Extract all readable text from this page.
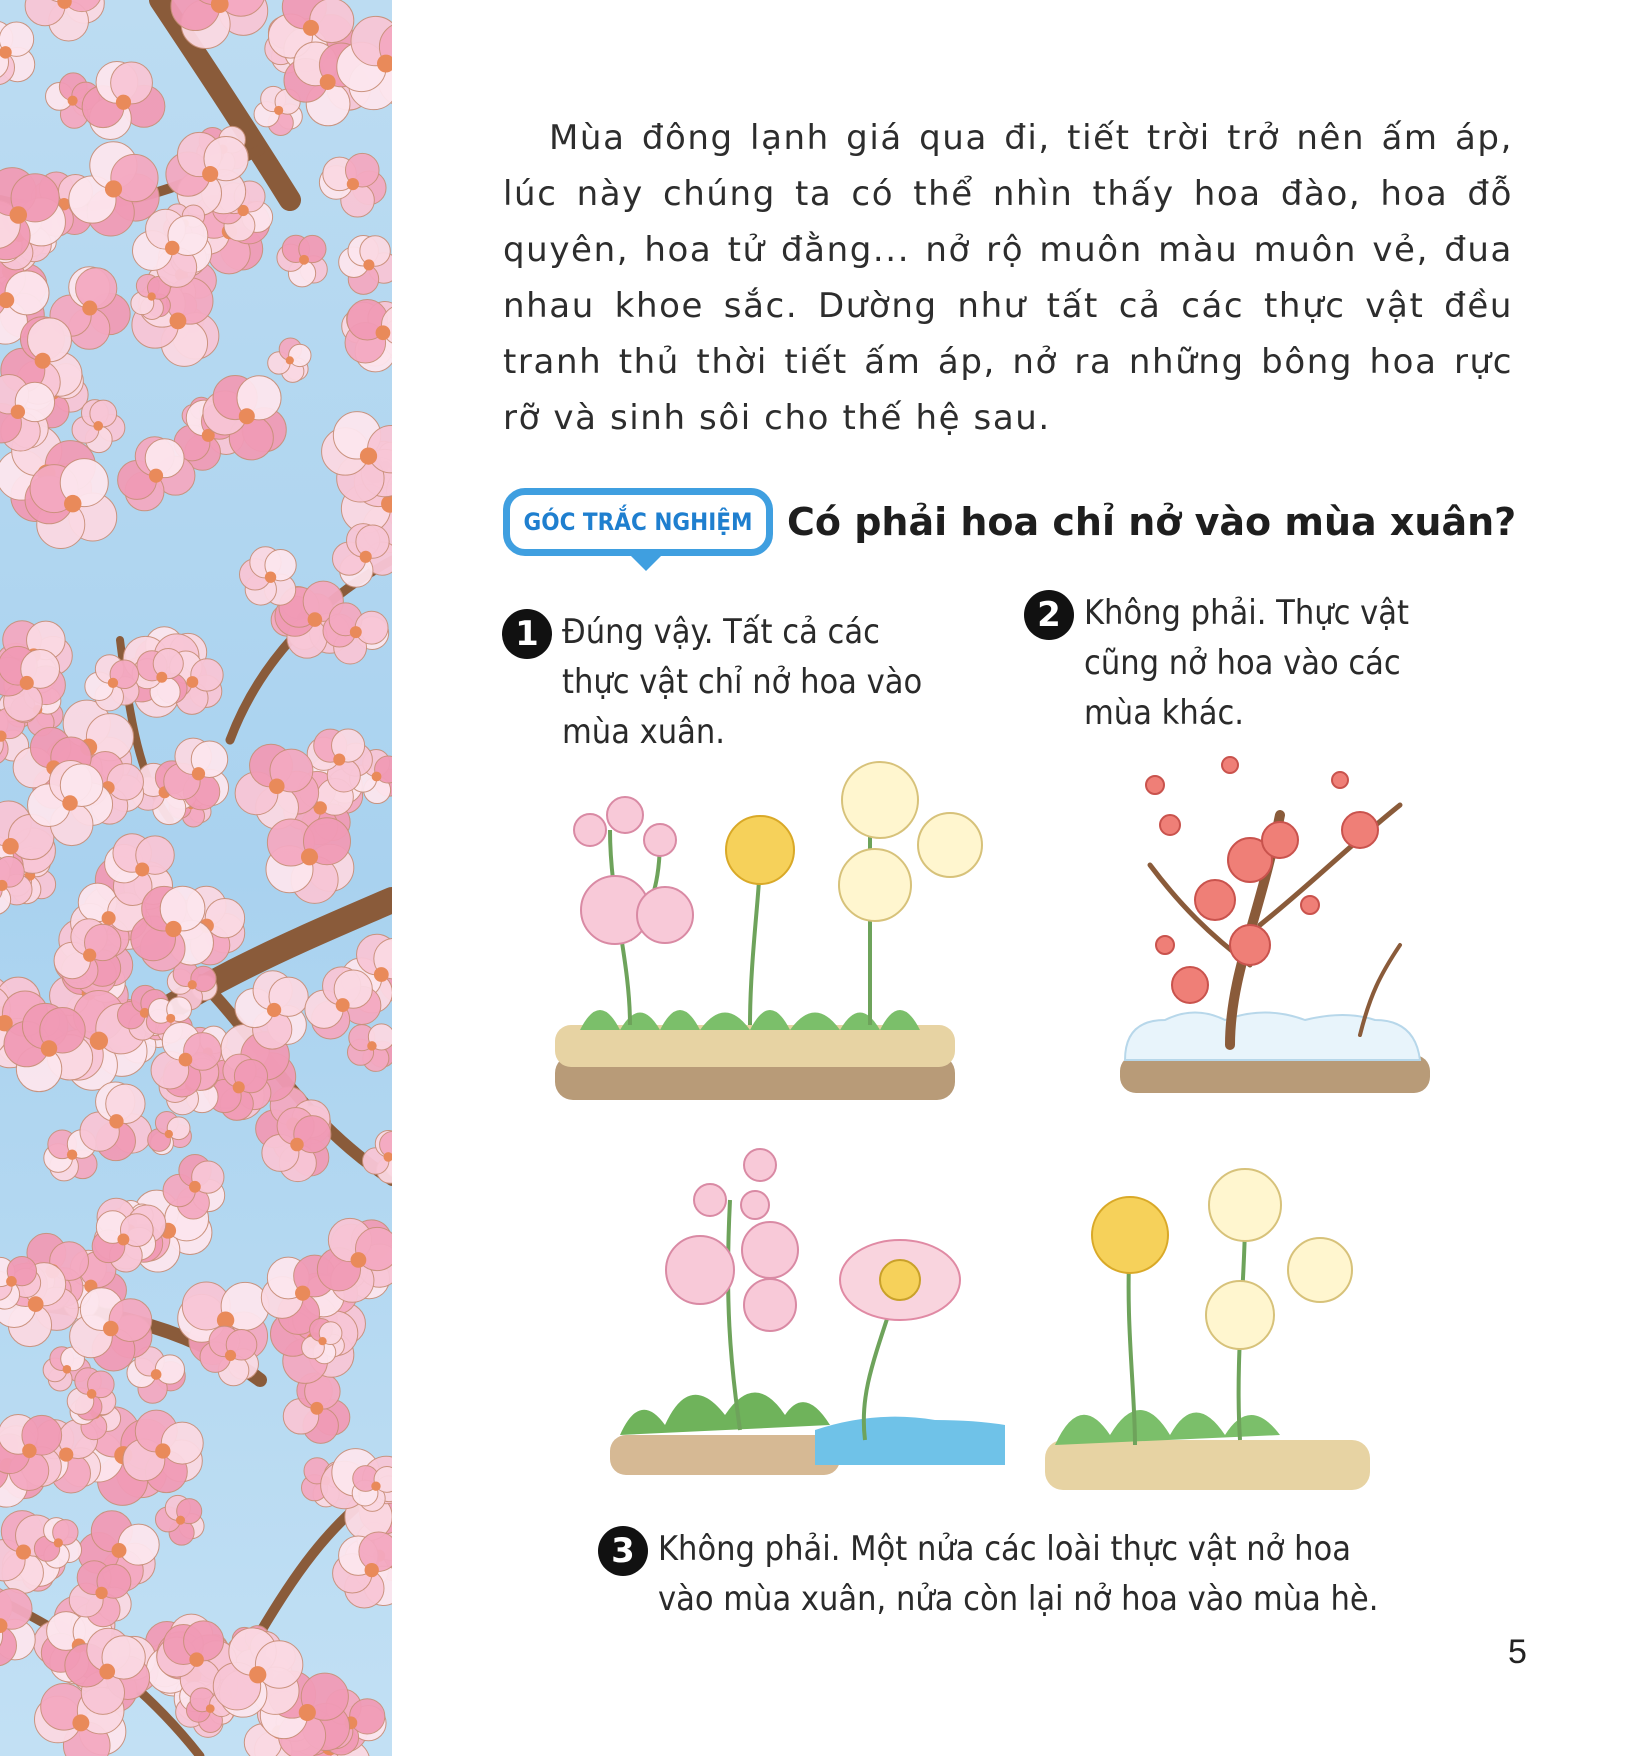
Mùa đông lạnh giá qua đi, tiết trời trở nên ấm áp, lúc này chúng ta có thể nhìn thấy hoa đào, hoa đỗ quyên, hoa tử đằng... nở rộ muôn màu muôn vẻ, đua nhau khoe sắc. Dường như tất cả các thực vật đều tranh thủ thời tiết ấm áp, nở ra những bông hoa rực rỡ và sinh sôi cho thế hệ sau.

GÓC TRẮC NGHIỆM Có phải hoa chỉ nở vào mùa xuân?
1 Đúng vậy. Tất cả các
thực vật chỉ nở hoa vào
mùa xuân.
2 Không phải. Thực vật
cũng nở hoa vào các
mùa khác.
3 Không phải. Một nửa các loài thực vật nở hoa
vào mùa xuân, nửa còn lại nở hoa vào mùa hè.
5
